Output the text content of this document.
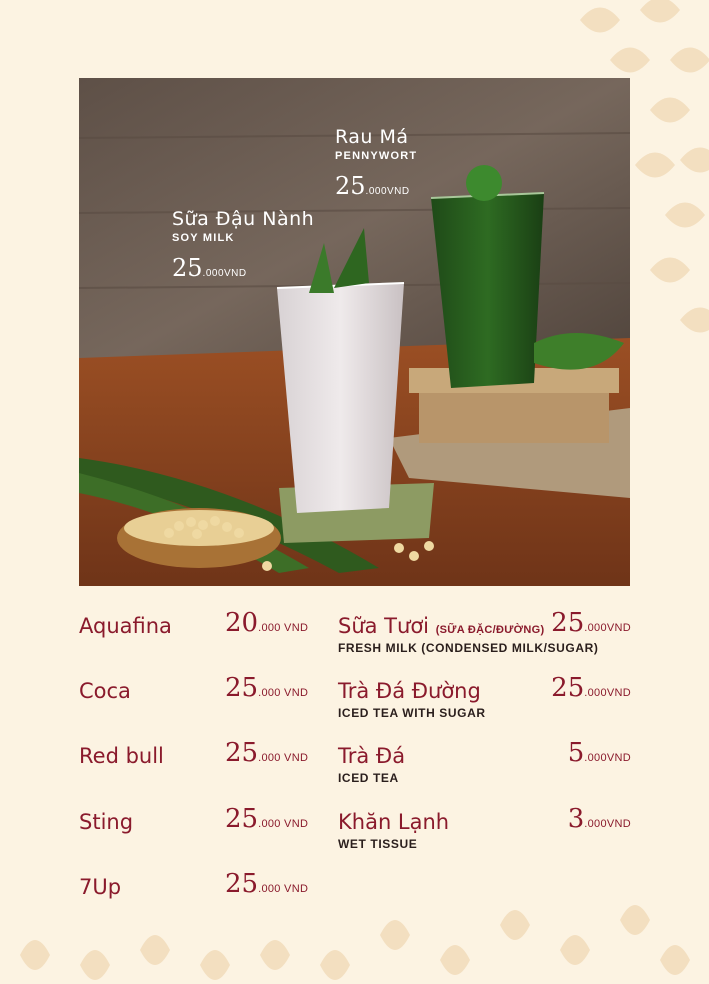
Rau Má
PENNYWORT
25.000VND
Sữa Đậu Nành
SOY MILK
25.000VND
Aquafina 20.000 VND
Coca	25.000 VND
Red bull 25.000 VND
Sting	25.000 VND
7Up	25.000 VND
Sữa Tươi (SỮA ĐẶC/ĐƯỜNG)
FRESH MILK (CONDENSED MILK/SUGAR)
25.000VND
Trà Đá Đường
ICED TEA WITH SUGAR
25.000VND
Trà Đá
ICED TEA
5.000VND
Khăn Lạnh
WET TISSUE
3.000VND
